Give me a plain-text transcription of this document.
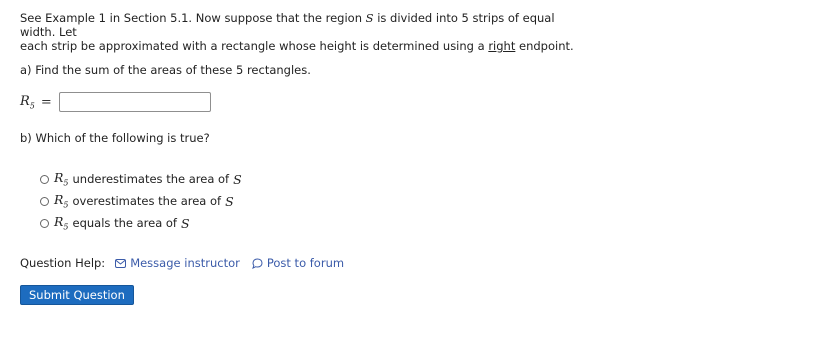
See Example 1 in Section 5.1. Now suppose that the region S is divided into 5 strips of equal width. Let
each strip be approximated with a rectangle whose height is determined using a right endpoint.
a) Find the sum of the areas of these 5 rectangles.
$R_5$ =
b) Which of the following is true?
$R_5$ underestimates the area of S
$R_5$ overestimates the area of S
$R_5$ equals the area of S
Question Help: Message instructor Post to forum
Submit Question
